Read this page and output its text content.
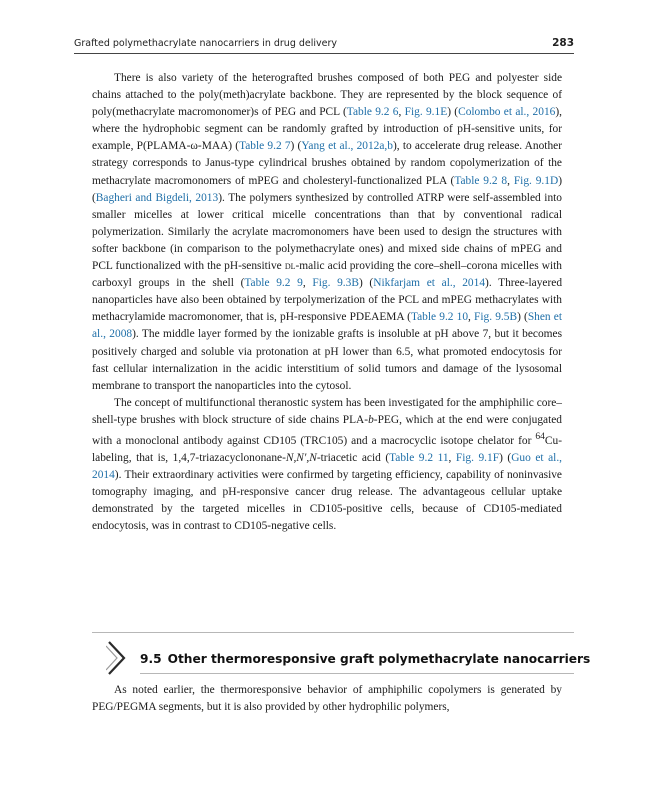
Grafted polymethacrylate nanocarriers in drug delivery	283

There is also variety of the heterografted brushes composed of both PEG and polyester side chains attached to the poly(meth)acrylate backbone. They are represented by the block sequence of poly(methacrylate macromonomer)s of PEG and PCL (Table 9.2 6, Fig. 9.1E) (Colombo et al., 2016), where the hydrophobic segment can be randomly grafted by introduction of pH-sensitive units, for example, P(PLAMA-ω-MAA) (Table 9.2 7) (Yang et al., 2012a,b), to accelerate drug release. Another strategy corresponds to Janus-type cylindrical brushes obtained by random copolymerization of the methacrylate macromonomers of mPEG and cholesteryl-functionalized PLA (Table 9.2 8, Fig. 9.1D) (Bagheri and Bigdeli, 2013). The polymers synthesized by controlled ATRP were self-assembled into smaller micelles at lower critical micelle concentrations than that by conventional radical polymerization. Similarly the acrylate macromonomers have been used to design the structures with softer backbone (in comparison to the polymethacrylate ones) and mixed side chains of mPEG and PCL functionalized with the pH-sensitive dl-malic acid providing the core–shell–corona micelles with carboxyl groups in the shell (Table 9.2 9, Fig. 9.3B) (Nikfarjam et al., 2014). Three-layered nanoparticles have also been obtained by terpolymerization of the PCL and mPEG methacrylates with methacrylamide macromonomer, that is, pH-responsive PDEAEMA (Table 9.2 10, Fig. 9.5B) (Shen et al., 2008). The middle layer formed by the ionizable grafts is insoluble at pH above 7, but it becomes positively charged and soluble via protonation at pH lower than 6.5, what promoted endocytosis for fast cellular internalization in the acidic interstitium of solid tumors and damage of the lysosomal membrane to transport the nanoparticles into the cytosol.

The concept of multifunctional theranostic system has been investigated for the amphiphilic core–shell-type brushes with block structure of side chains PLA-b-PEG, which at the end were conjugated with a monoclonal antibody against CD105 (TRC105) and a macrocyclic isotope chelator for $^{64}$Cu-labeling, that is, 1,4,7-triazacyclononane-N,N′,N-triacetic acid (Table 9.2 11, Fig. 9.1F) (Guo et al., 2014). Their extraordinary activities were confirmed by targeting efficiency, capability of noninvasive tomography imaging, and pH-responsive cancer drug release. The advantageous cellular uptake demonstrated by the targeted micelles in CD105-positive cells, because of CD105-mediated endocytosis, was in contrast to CD105-negative cells.

9.5 Other thermoresponsive graft polymethacrylate nanocarriers

As noted earlier, the thermoresponsive behavior of amphiphilic copolymers is generated by PEG/PEGMA segments, but it is also provided by other hydrophilic polymers,
